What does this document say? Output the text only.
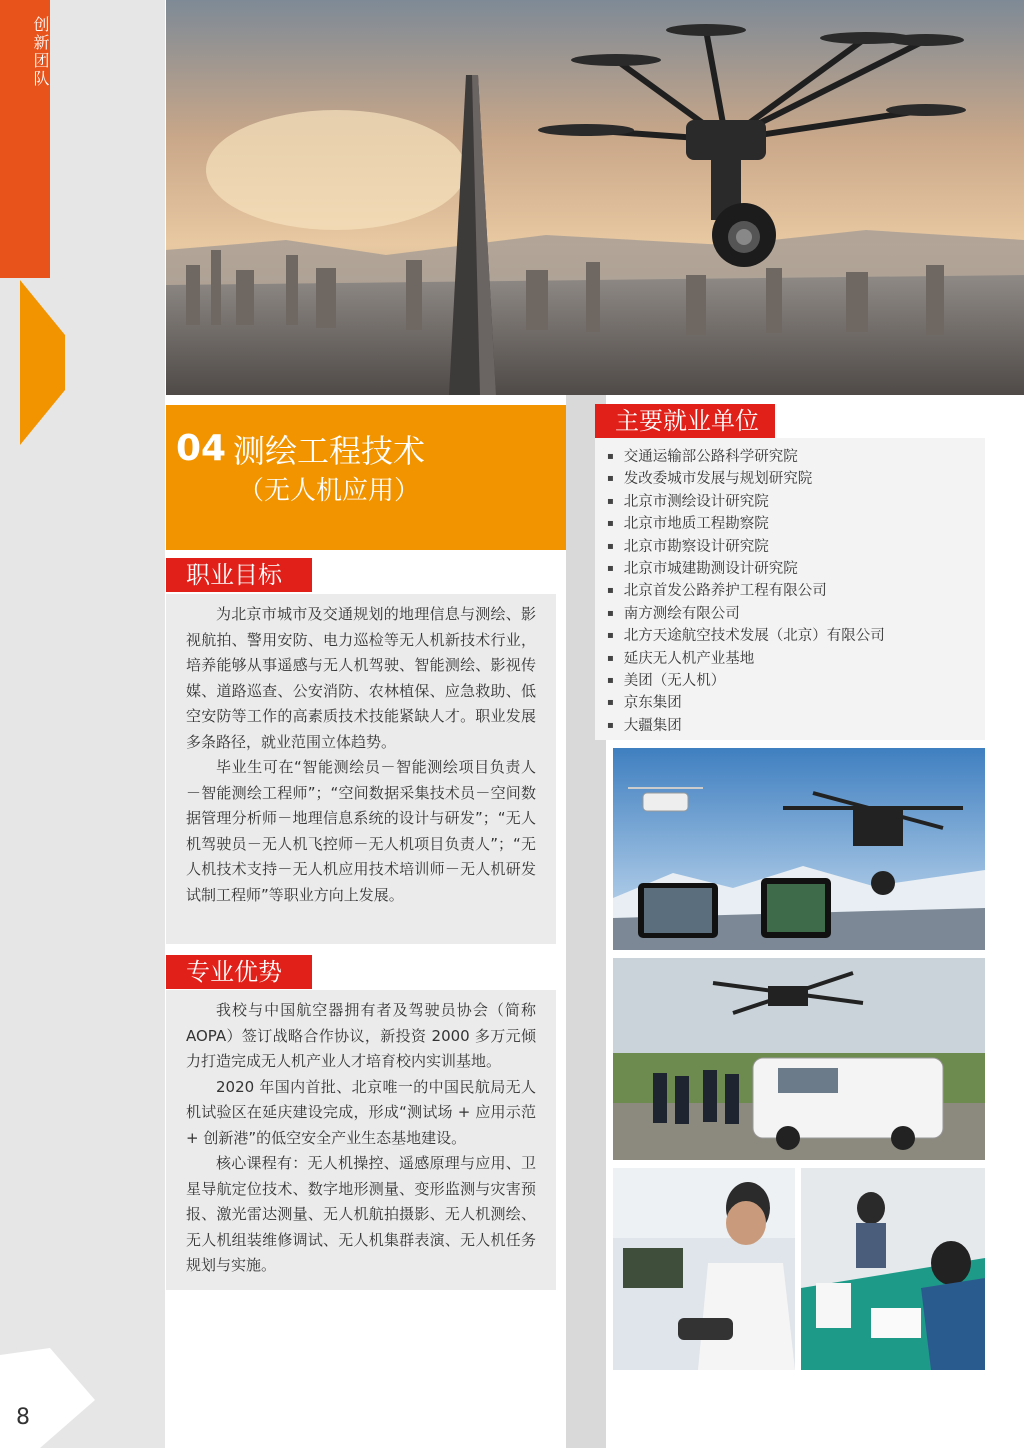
创新团队
8
04 测绘工程技术
（无人机应用）
职业目标

为北京市城市及交通规划的地理信息与测绘、影视航拍、警用安防、电力巡检等无人机新技术行业，培养能够从事遥感与无人机驾驶、智能测绘、影视传媒、道路巡查、公安消防、农林植保、应急救助、低空安防等工作的高素质技术技能紧缺人才。职业发展多条路径，就业范围立体趋势。

毕业生可在“智能测绘员－智能测绘项目负责人－智能测绘工程师”；“空间数据采集技术员－空间数据管理分析师－地理信息系统的设计与研发”；“无人机驾驶员－无人机飞控师－无人机项目负责人”；“无人机技术支持－无人机应用技术培训师－无人机研发试制工程师”等职业方向上发展。

专业优势

我校与中国航空器拥有者及驾驶员协会（简称AOPA）签订战略合作协议，新投资 2000 多万元倾力打造完成无人机产业人才培育校内实训基地。

2020 年国内首批、北京唯一的中国民航局无人机试验区在延庆建设完成，形成“测试场 + 应用示范 + 创新港”的低空安全产业生态基地建设。

核心课程有：无人机操控、遥感原理与应用、卫星导航定位技术、数字地形测量、变形监测与灾害预报、激光雷达测量、无人机航拍摄影、无人机测绘、无人机组装维修调试、无人机集群表演、无人机任务规划与实施。

主要就业单位
▪ 交通运输部公路科学研究院
▪ 发改委城市发展与规划研究院
▪ 北京市测绘设计研究院
▪ 北京市地质工程勘察院
▪ 北京市勘察设计研究院
▪ 北京市城建勘测设计研究院
▪ 北京首发公路养护工程有限公司
▪ 南方测绘有限公司
▪ 北方天途航空技术发展（北京）有限公司
▪ 延庆无人机产业基地
▪ 美团（无人机）
▪ 京东集团
▪ 大疆集团
